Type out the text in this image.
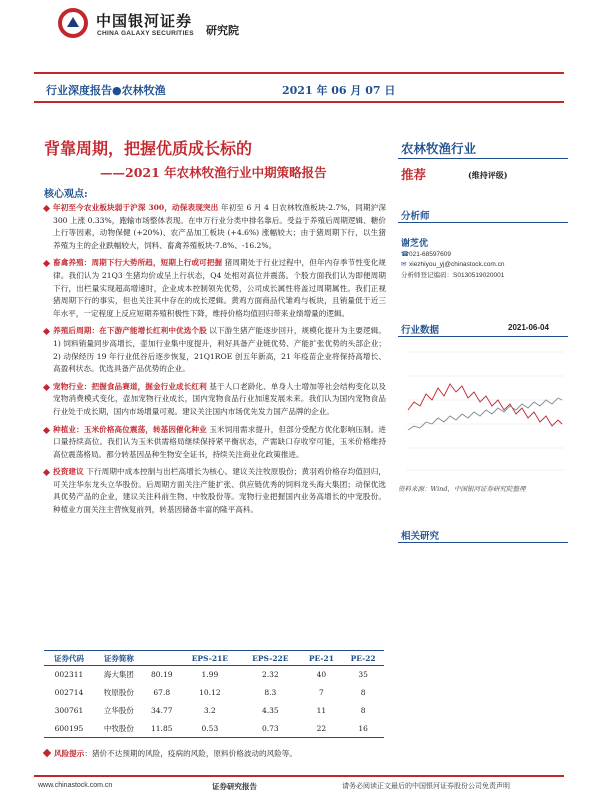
中国银河证券
CHINA GALAXY SECURITIES 研究院
行业深度报告●农林牧渔	2021 年 06 月 07 日
背靠周期，把握优质成长标的
——2021 年农林牧渔行业中期策略报告
核心观点:

年初至今农业板块弱于沪深 300，动保表现突出 年初至 6 月 4 日农林牧渔板块-2.7%，同期沪深 300 上涨 0.33%，跑输市场整体表现。在申万行业分类中排名靠后。受益于养殖后周期逻辑、糖价上行等因素，动物保健 (+20%)、农产品加工板块 (+4.6%) 涨幅较大；由于猪周期下行，以生猪养殖为主的企业跌幅较大，饲料、畜禽养殖板块-7.8%、-16.2%。

畜禽养殖：周期下行大势所趋，短期上行或可把握 猪周期处于行业过程中，但年内存季节性变化规律。我们认为 21Q3 生猪均价或呈上行状态，Q4 处相对高位并震荡。个股方面我们认为即便周期下行，出栏量实现超高增速时，企业成本控制领先优势，公司成长属性将盖过周期属性。我们正视猪周期下行的事实，但也关注其中存在的成长逻辑。黄鸡方面商品代雏鸡与板块，且销量低于近三年水平，一定程度上反应短期养殖积极性下降，维持价格均值回归带来业绩增量的逻辑。

养殖后周期：在下游产能增长红利中优选个股 以下游生猪产能逐步回升，规模化提升为主要逻辑。1) 饲料销量同步高增长，壶加行业集中度提升，利好具备产业链优势、产能扩张优势的头部企业；2) 动保经历 19 年行业低谷后逐步恢复，21Q1ROE 创五年新高，21 年疫苗企业将保持高增长、高盈利状态。优选具备产品优势的企业。

宠物行业：把握食品赛道，掘金行业成长红利 基于人口老龄化、单身人士增加等社会结构变化以及宠物消费模式变化，壶加宠物行业成长，国内宠物食品行业加速发展未来。我们认为国内宠物食品行业处于成长期，国内市场增量可观。建议关注国内市场优先发力国产品牌的企业。

种植业：玉米价格高位震荡，转基因催化种业 玉米饲用需求提升，但部分受配方优化影响压制。进口量持续高位。我们认为玉米供需格局继续保持紧平衡状态，产需缺口存收窄可能，玉米价格维持高位震荡格局。都分转基因品种生物安全证书，持续关注商业化政策推进。

投资建议 下行周期中成本控制与出栏高增长为核心。建议关注牧原股份；黄羽鸡价格存均值回归，可关注华东龙头立华股份。后周期方面关注产能扩张、供应链优秀的饲料龙头海大集团；动保优选具优势产品的企业，建议关注科前生物、中牧股份等。宠物行业把握国内业务高增长的中宠股份。种植业方面关注主营恢复前列，转基因储备丰富的隆平高科。

证券代码	证券简称		EPS-21E	EPS-22E	PE-21	PE-22
002311	海大集团	80.19	1.99	2.32	40	35
002714	牧原股份	67.8	10.12	8.3	7	8
300761	立华股份	34.77	3.2	4.35	11	8
600195	中牧股份	11.85	0.53	0.73	22	16
风险提示：猪价不达预期的风险，疫病的风险，原料价格波动的风险等。
农林牧渔行业
推荐	(维持评级)
分析师
谢芝优
☎021-68597609
✉ xiezhiyou_yj@chinastock.com.cn
分析师登记编码：S0130519020001
行业数据	2021-06-04
资料来源：Wind，中国银河证券研究院整理
相关研究
www.chinastock.com.cn	证券研究报告	请务必阅读正文最后的中国银河证券股份公司免责声明
